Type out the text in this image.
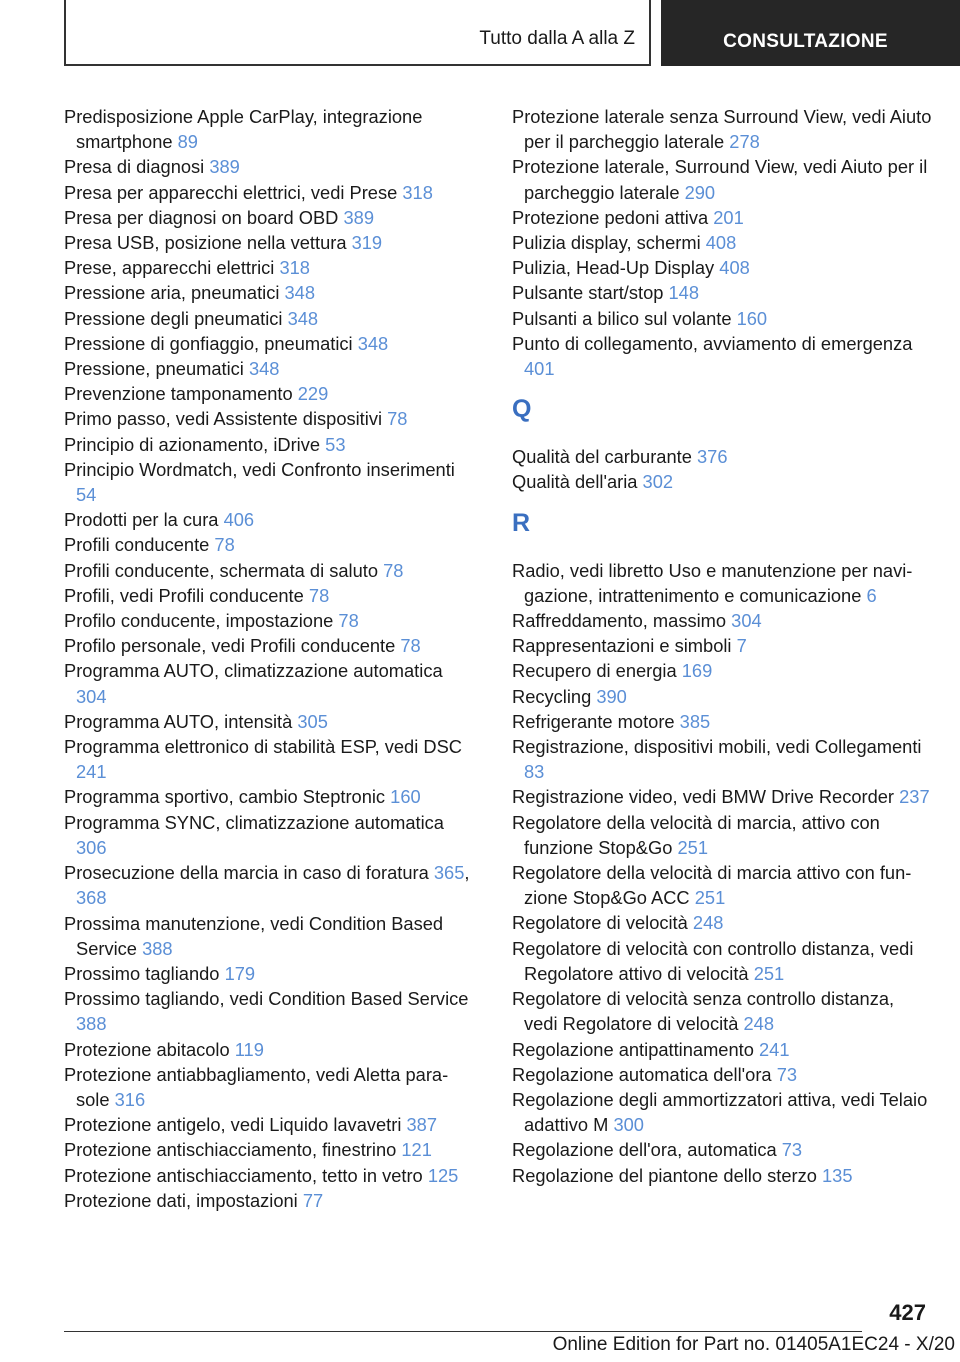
Tutto dalla A alla Z	CONSULTAZIONE
Predisposizione Apple CarPlay, integrazione smartphone 89
Presa di diagnosi 389
Presa per apparecchi elettrici, vedi Prese 318
Presa per diagnosi on board OBD 389
Presa USB, posizione nella vettura 319
Prese, apparecchi elettrici 318
Pressione aria, pneumatici 348
Pressione degli pneumatici 348
Pressione di gonfiaggio, pneumatici 348
Pressione, pneumatici 348
Prevenzione tamponamento 229
Primo passo, vedi Assistente dispositivi 78
Principio di azionamento, iDrive 53
Principio Wordmatch, vedi Confronto inserimenti 54
Prodotti per la cura 406
Profili conducente 78
Profili conducente, schermata di saluto 78
Profili, vedi Profili conducente 78
Profilo conducente, impostazione 78
Profilo personale, vedi Profili conducente 78
Programma AUTO, climatizzazione automatica 304
Programma AUTO, intensità 305
Programma elettronico di stabilità ESP, vedi DSC 241
Programma sportivo, cambio Steptronic 160
Programma SYNC, climatizzazione automatica 306
Prosecuzione della marcia in caso di foratura 365, 368
Prossima manutenzione, vedi Condition Based Service 388
Prossimo tagliando 179
Prossimo tagliando, vedi Condition Based Service 388
Protezione abitacolo 119
Protezione antiabbagliamento, vedi Aletta parasole 316
Protezione antigelo, vedi Liquido lavavetri 387
Protezione antischiacciamento, finestrino 121
Protezione antischiacciamento, tetto in vetro 125
Protezione dati, impostazioni 77
Protezione laterale senza Surround View, vedi Aiuto per il parcheggio laterale 278
Protezione laterale, Surround View, vedi Aiuto per il parcheggio laterale 290
Protezione pedoni attiva 201
Pulizia display, schermi 408
Pulizia, Head-Up Display 408
Pulsante start/stop 148
Pulsanti a bilico sul volante 160
Punto di collegamento, avviamento di emergenza 401
Q
Qualità del carburante 376
Qualità dell'aria 302
R
Radio, vedi libretto Uso e manutenzione per navigazione, intrattenimento e comunicazione 6
Raffreddamento, massimo 304
Rappresentazioni e simboli 7
Recupero di energia 169
Recycling 390
Refrigerante motore 385
Registrazione, dispositivi mobili, vedi Collegamenti 83
Registrazione video, vedi BMW Drive Recorder 237
Regolatore della velocità di marcia, attivo con funzione Stop&Go 251
Regolatore della velocità di marcia attivo con funzione Stop&Go ACC 251
Regolatore di velocità 248
Regolatore di velocità con controllo distanza, vedi Regolatore attivo di velocità 251
Regolatore di velocità senza controllo distanza, vedi Regolatore di velocità 248
Regolazione antipattinamento 241
Regolazione automatica dell'ora 73
Regolazione degli ammortizzatori attiva, vedi Telaio adattivo M 300
Regolazione dell'ora, automatica 73
Regolazione del piantone dello sterzo 135
427
Online Edition for Part no. 01405A1EC24 - X/20
